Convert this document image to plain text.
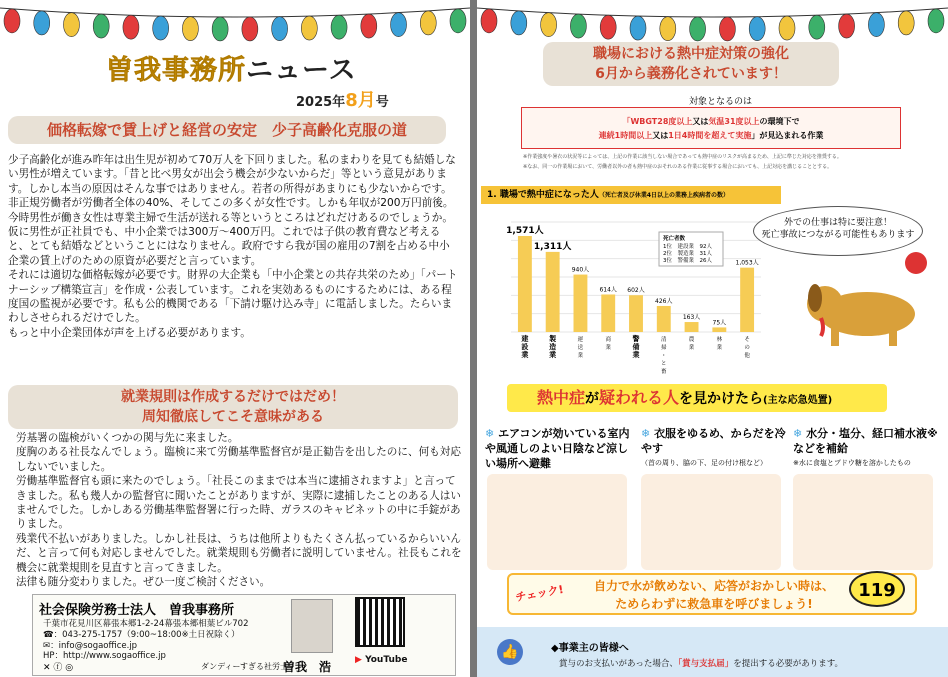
曽我事務所ニュース
2025年8月号
価格転嫁で賃上げと経営の安定　少子高齢化克服の道

少子高齢化が進み昨年は出生児が初めて70万人を下回りました。私のまわりを見ても結婚しない男性が増えています。「昔と比べ男女が出会う機会が少ないからだ」等という意見があります。しかし本当の原因はそんな事ではありません。若者の所得があまりにも少ないからです。

非正規労働者が労働者全体の40%、そしてこの多くが女性です。しかも年収が200万円前後。今時男性が働き女性は専業主婦で生活が送れる等というところはどれだけあるのでしょうか。

仮に男性が正社員でも、中小企業では300万～400万円。これでは子供の教育費など考えると、とても結婚などということにはなりません。政府ですら我が国の雇用の7割を占める中小企業の賃上げのための原資が必要だと言っています。

それには適切な価格転嫁が必要です。財界の大企業も「中小企業との共存共栄のため」「パートナーシップ構築宣言」を作成・公表しています。これを実効あるものにするためには、ある程度国の監視が必要です。私も公的機関である「下請け駆け込み寺」に電話しました。たらいまわしさせられるだけでした。

もっと中小企業団体が声を上げる必要があります。

就業規則は作成するだけではだめ！
周知徹底してこそ意味がある

労基署の臨検がいくつかの関与先に来ました。

度胸のある社長なんでしょう。臨検に来て労働基準監督官が是正勧告を出したのに、何も対応しないでいました。

労働基準監督官も頭に来たのでしょう。「社長このままでは本当に逮捕されますよ」と言ってきました。私も幾人かの監督官に聞いたことがありますが、実際に逮捕したことのある人はいませんでした。しかしある労働基準監督署に行った時、ガラスのキャビネットの中に手錠がありました。

残業代不払いがありました。しかし社長は、うちは他所よりもたくさん払っているからいいんだ、と言って何も対応しませんでした。就業規則も労働者に説明していません。社長もこれを機会に就業規則を見直すと言ってきました。

法律も随分変わりました。ぜひ一度ご検討ください。

社会保険労務士法人　曽我事務所
千葉市花見川区幕張本郷1-2-24幕張本郷相葉ビル702
☎：043-275-1757（9:00~18:00※土日祝除く）
✉：info@sogaoffice.jp
HP：http://www.sogaoffice.jp
✕ ⓕ ◎	ダンディーすぎる社労士
曽我　浩	▶ YouTube
職場における熱中症対策の強化
6月から義務化されています！
対象となるのは
「WBGT28度以上又は気温31度以上の環境下で
連続1時間以上又は1日4時間を超えて実施」が見込まれる作業
※作業強度や暑衣の状況等によっては、上記の作業に該当しない場合であっても熱中症のリスクが高まるため、上記に準じた対応を推奨する。
※なお、同一の作業場において、労働者以外の者も熱中症のおそれのある作業に従事する場合においても、上記対応を講じることとする。
1. 職場で熱中症になった人（死亡者及び休業4日以上の業務上疾病者の数）
1,571人
建設業
1,311人
製造業
940人
運送業
614人
商業
602人
警備業
426人
清掃・と畜
163人
農業
75人
林業
1,053人
その他
死亡者数
1位　建設業　92人
2位　製造業　31人
3位　警備業　26人
外での仕事は特に要注意！
死亡事故につながる可能性もあります
熱中症が疑われる人を見かけたら(主な応急処置)
❄ エアコンが効いている室内や風通しのよい日陰など涼しい場所へ避難
❄ 衣服をゆるめ、からだを冷やす
（首の周り、脇の下、足の付け根など）
❄ 水分・塩分、経口補水液※などを補給
※水に食塩とブドウ糖を溶かしたもの
チェック!	自力で水が飲めない、応答がおかしい時は、
ためらわずに救急車を呼びましょう!
119
👍	◆事業主の皆様へ
賞与のお支払いがあった場合、「賞与支払届」を提出する必要があります。
